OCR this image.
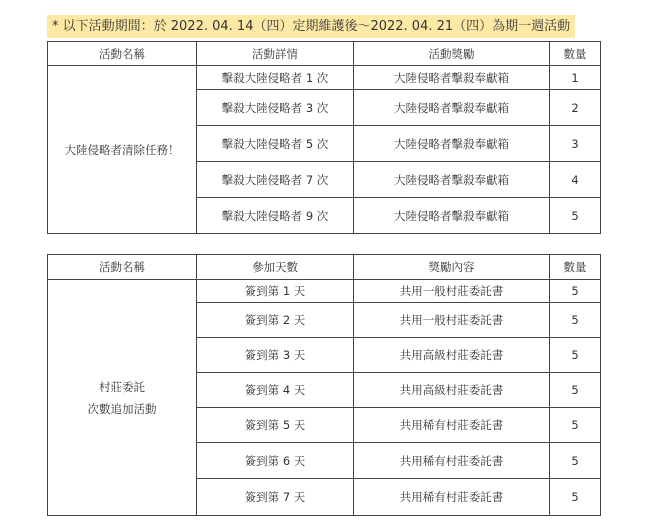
* 以下活動期間：於 2022. 04. 14（四）定期維護後～2022. 04. 21（四）為期一週活動
活動名稱	活動詳情	活動獎勵	數量
大陸侵略者清除任務！	擊殺大陸侵略者 1 次	大陸侵略者擊殺奉獻箱	1
	擊殺大陸侵略者 3 次	大陸侵略者擊殺奉獻箱	2
	擊殺大陸侵略者 5 次	大陸侵略者擊殺奉獻箱	3
	擊殺大陸侵略者 7 次	大陸侵略者擊殺奉獻箱	4
	擊殺大陸侵略者 9 次	大陸侵略者擊殺奉獻箱	5
活動名稱	參加天數	獎勵內容	數量

村莊委託
次數追加活動	簽到第 1 天	共用一般村莊委託書	5
	簽到第 2 天	共用一般村莊委託書	5
	簽到第 3 天	共用高級村莊委託書	5
	簽到第 4 天	共用高級村莊委託書	5
	簽到第 5 天	共用稀有村莊委託書	5
	簽到第 6 天	共用稀有村莊委託書	5
	簽到第 7 天	共用稀有村莊委託書	5
